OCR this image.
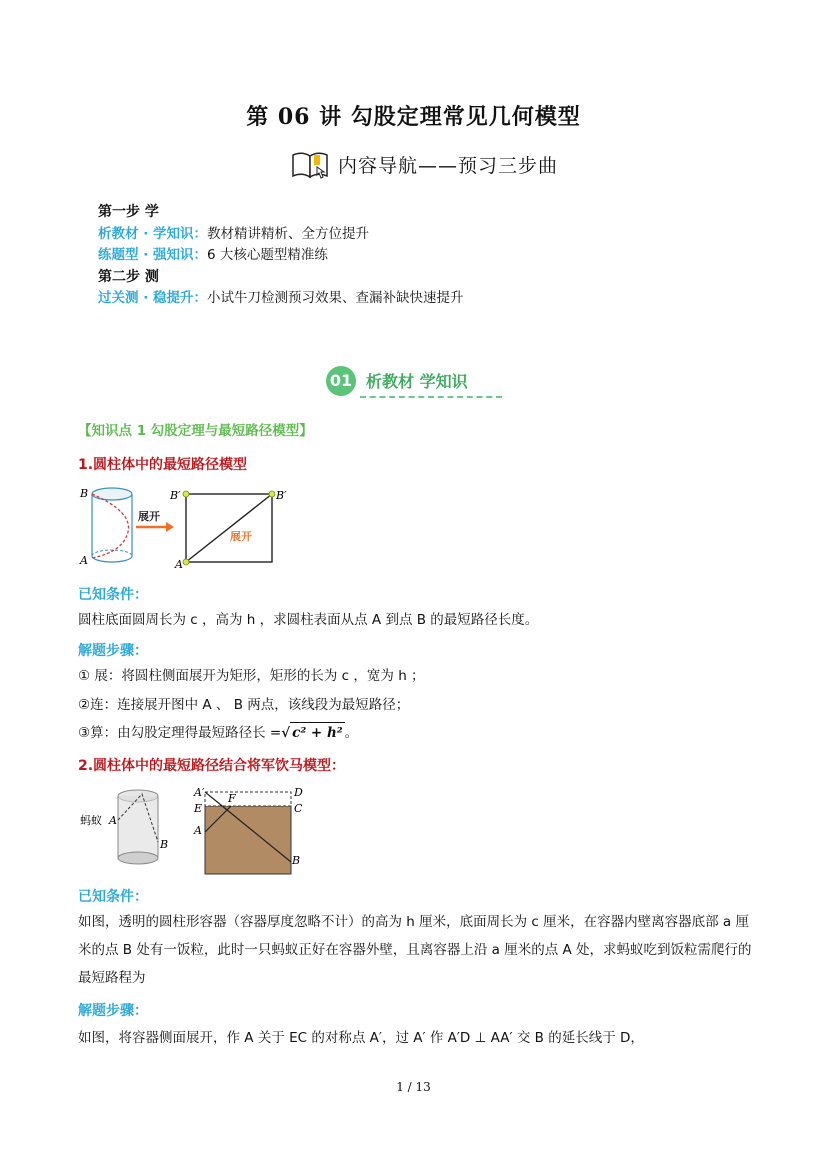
第 06 讲 勾股定理常见几何模型
内容导航——预习三步曲
第一步 学
析教材 · 学知识：教材精讲精析、全方位提升
练题型 · 强知识：6 大核心题型精准练
第二步 测
过关测 · 稳提升：小试牛刀检测预习效果、查漏补缺快速提升
01 析教材 学知识
【知识点 1 勾股定理与最短路径模型】
1.圆柱体中的最短路径模型
B
A
展开
B′	B′
A
展开
已知条件：
圆柱底面圆周长为 c ，高为 h ，求圆柱表面从点 A 到点 B 的最短路径长度。
解题步骤：
① 展：将圆柱侧面展开为矩形，矩形的长为 c ，宽为 h ；
②连：连接展开图中 A 、 B 两点，该线段为最短路径；
③算：由勾股定理得最短路径长 = √ c² + h² 。
2.圆柱体中的最短路径结合将军饮马模型：
蚂蚁 A
B
A′
E
A
F	D
C
B
已知条件：
如图，透明的圆柱形容器（容器厚度忽略不计）的高为 h 厘米，底面周长为 c 厘米，在容器内壁离容器底部 a 厘米的点 B 处有一饭粒，此时一只蚂蚁正好在容器外壁，且离容器上沿 a 厘米的点 A 处，求蚂蚁吃到饭粒需爬行的最短路程为
解题步骤：
如图，将容器侧面展开，作 A 关于 EC 的对称点 A′，过 A′ 作 A′D ⊥ AA′ 交 B 的延长线于 D，
1 / 13
